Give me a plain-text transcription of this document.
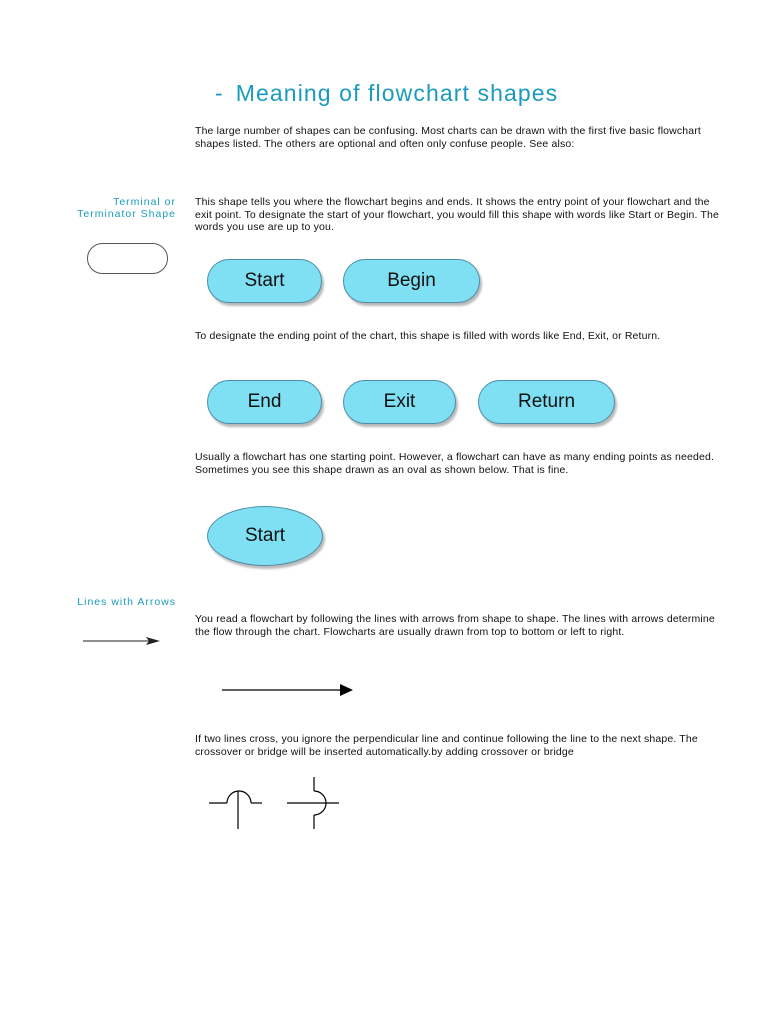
- Meaning of flowchart shapes

The large number of shapes can be confusing. Most charts can be drawn with the first five basic flowchart shapes listed. The others are optional and often only confuse people. See also:

Terminal or
Terminator Shape

This shape tells you where the flowchart begins and ends. It shows the entry point of your flowchart and the exit point. To designate the start of your flowchart, you would fill this shape with words like Start or Begin. The words you use are up to you.

Start	Begin

To designate the ending point of the chart, this shape is filled with words like End, Exit, or Return.

End	Exit	Return

Usually a flowchart has one starting point. However, a flowchart can have as many ending points as needed. Sometimes you see this shape drawn as an oval as shown below. That is fine.

Start
Lines with Arrows

You read a flowchart by following the lines with arrows from shape to shape. The lines with arrows determine the flow through the chart. Flowcharts are usually drawn from top to bottom or left to right.

If two lines cross, you ignore the perpendicular line and continue following the line to the next shape. The crossover or bridge will be inserted automatically.by adding crossover or bridge
